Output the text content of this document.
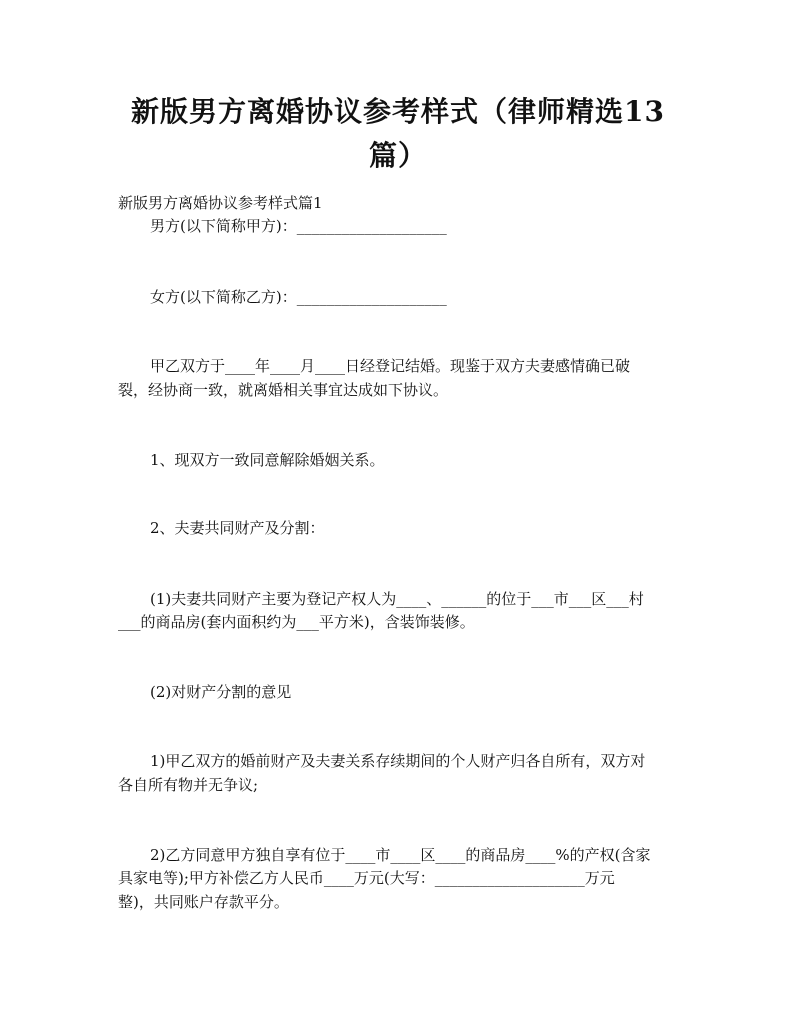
新版男方离婚协议参考样式（律师精选13
篇）
新版男方离婚协议参考样式篇1
男方(以下简称甲方)：____________________
女方(以下简称乙方)：____________________
甲乙双方于____年____月____日经登记结婚。现鉴于双方夫妻感情确已破
裂，经协商一致，就离婚相关事宜达成如下协议。
1、现双方一致同意解除婚姻关系。
2、夫妻共同财产及分割：
(1)夫妻共同财产主要为登记产权人为____、______的位于___市___区___村
___的商品房(套内面积约为___平方米)，含装饰装修。
(2)对财产分割的意见
1)甲乙双方的婚前财产及夫妻关系存续期间的个人财产归各自所有，双方对
各自所有物并无争议;
2)乙方同意甲方独自享有位于____市____区____的商品房____%的产权(含家
具家电等);甲方补偿乙方人民币____万元(大写：____________________万元
整)，共同账户存款平分。
